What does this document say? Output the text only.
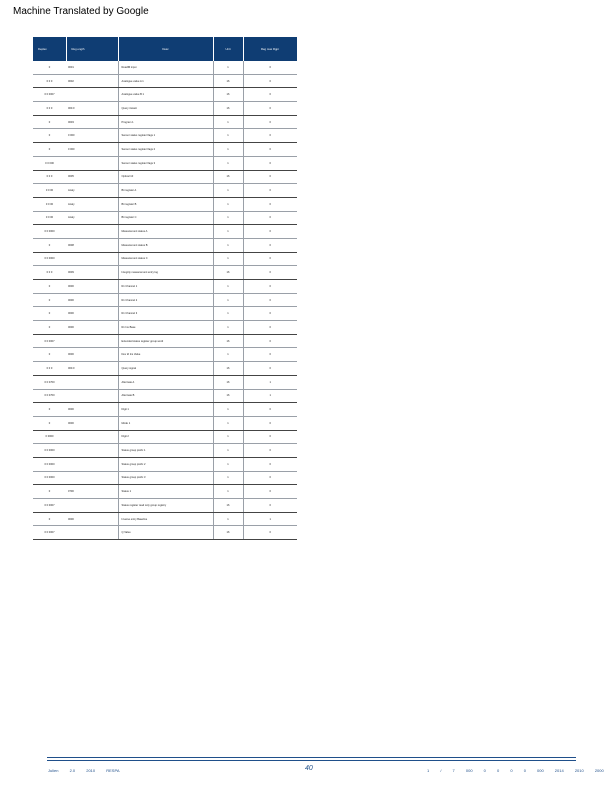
Machine Translated by Google
Deplex	Reg ength	Desc	Unit	Reg max Rgpr
0	0001	Readfill input	1	0
0 0 0	0002	Analogue value A 1	16	0
0 0 0007		Analogue value B 1	16	0
0 0 0	000.0	Query instant	16	0
0	0003	Program 1	1	0
0	0 000	Sensor status register flags 1	1	0
0	0 000	Sensor status register flags 2	1	0
0 0 000		Sensor status register flags 3	1	0
0 0 0	0005	Optical 10	16	0
0 0 00	Analy	Bit register A	1	0
0 0 00	Analy	Bit register B	1	0
0 0 00	Analy	Bit register C	1	0
0 0 0000		Measurement status A	1	0
0	0008	Measurement status B	1	0
0 0 0000		Measurement status C	1	0
0 0 0	0009	Integrity measurement entry log	16	0
0	0000	Rx Channel 1	1	0
0	0000	Rx Channel 2	1	0
0	0000	Rx Channel 3	1	0
0	0000	Rx Ins Base	1	0
0 0 0007		Extended status register group word	16	0
0	0000	Dev Id Ins Value	1	0
0 0 0	000.0	Query signal	16	0
0 0 0700		Alternate A	16	1
0 0 0700		Alternate B	16	1
0	0000	Digit 1	1	0
0	0000	Mode 1	1	0
0 0000		Digit 2	1	0
0 0 0000		Status group prefix 1	1	0
0 0 0000		Status group prefix 2	1	0
0 0 0000		Status group prefix 3	1	0
0	0700	Status 1	1	0
0 0 0007		Status register read only group registry	16	0
0	0000	Inverse entry Baseline	1	1
0 0 0007		Q Value	16	0
Julien 2.0 2010 RESPA	40	1 / 7 000 0 0 0 0 000 2014 2010 2000
